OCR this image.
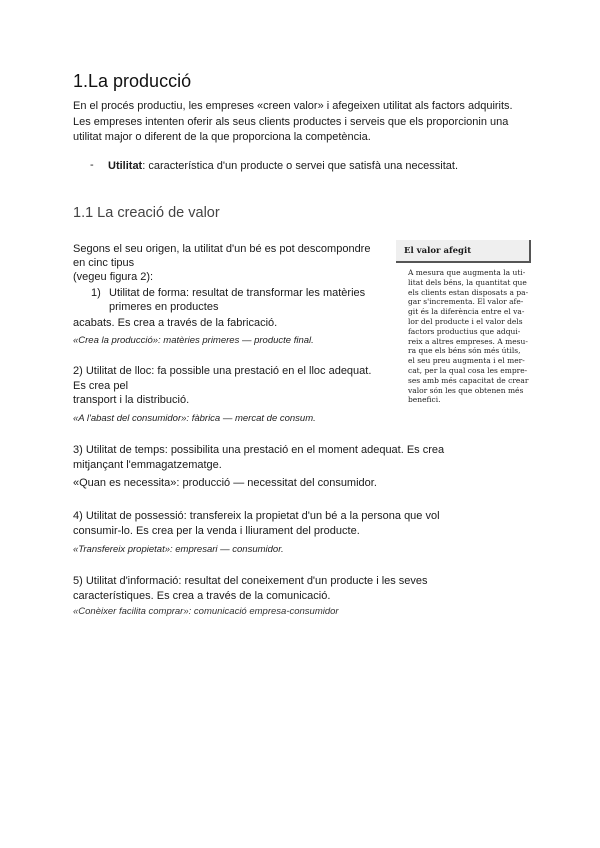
1.La producció

En el procés productiu, les empreses «creen valor» i afegeixen utilitat als factors adquirits.

Les empreses intenten oferir als seus clients productes i serveis que els proporcionin una

utilitat major o diferent de la que proporciona la competència.

- Utilitat: característica d'un producte o servei que satisfà una necessitat.

1.1 La creació de valor

Segons el seu origen, la utilitat d'un bé es pot descompondre

en cinc tipus

(vegeu figura 2):

1) Utilitat de forma: resultat de transformar les matèries

primeres en productes

acabats. Es crea a través de la fabricació.

«Crea la producció»: matèries primeres — producte final.

2) Utilitat de lloc: fa possible una prestació en el lloc adequat.

Es crea pel

transport i la distribució.

«A l'abast del consumidor»: fàbrica — mercat de consum.

3) Utilitat de temps: possibilita una prestació en el moment adequat. Es crea

mitjançant l'emmagatzematge.

«Quan es necessita»: producció — necessitat del consumidor.

4) Utilitat de possessió: transfereix la propietat d'un bé a la persona que vol

consumir-lo. Es crea per la venda i lliurament del producte.

«Transfereix propietat»: empresari — consumidor.

5) Utilitat d'informació: resultat del coneixement d'un producte i les seves

característiques. Es crea a través de la comunicació.

«Conèixer facilita comprar»: comunicació empresa-consumidor

El valor afegit
A mesura que augmenta la uti-
litat dels béns, la quantitat que
els clients estan disposats a pa-
gar s'incrementa. El valor afe-
git és la diferència entre el va-
lor del producte i el valor dels
factors productius que adqui-
reix a altres empreses. A mesu-
ra que els béns són més útils,
el seu preu augmenta i el mer-
cat, per la qual cosa les empre-
ses amb més capacitat de crear
valor són les que obtenen més
benefici.
